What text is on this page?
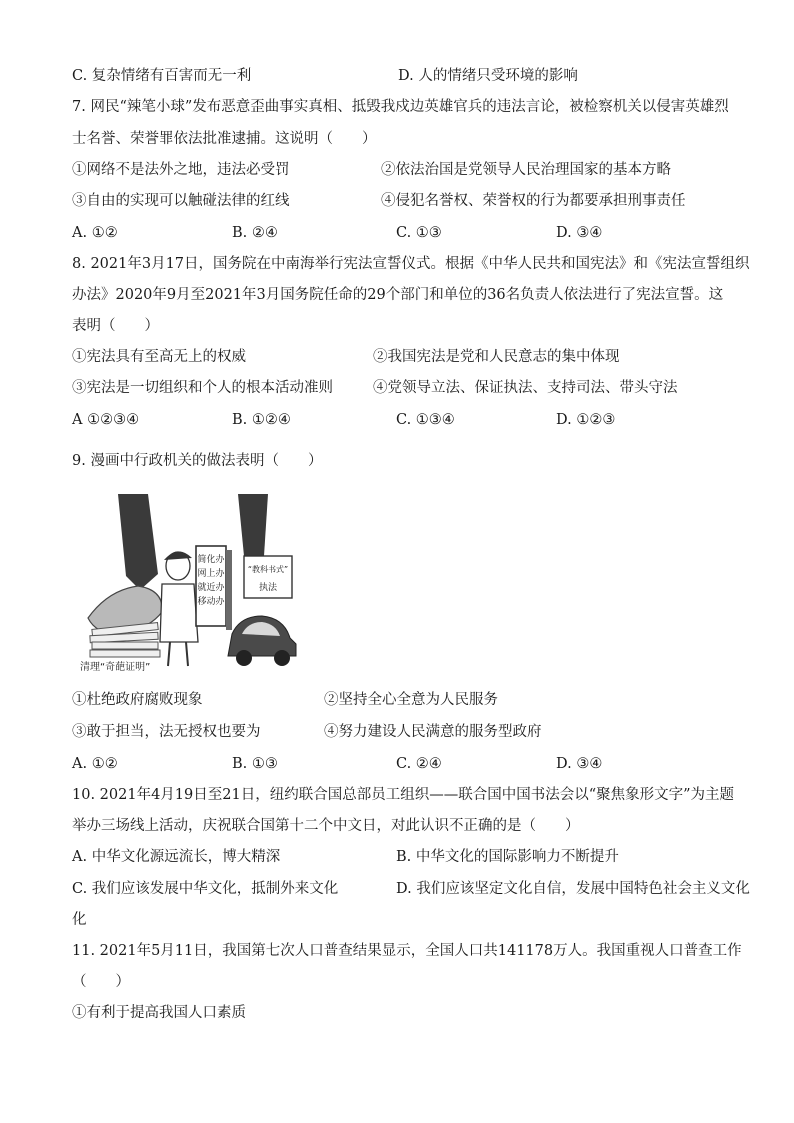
C. 复杂情绪有百害而无一利	D. 人的情绪只受环境的影响
7. 网民“辣笔小球”发布恶意歪曲事实真相、抵毁我戍边英雄官兵的违法言论，被检察机关以侵害英雄烈
士名誉、荣誉罪依法批准逮捕。这说明（　　）
①网络不是法外之地，违法必受罚	②依法治国是党领导人民治理国家的基本方略
③自由的实现可以触碰法律的红线	④侵犯名誉权、荣誉权的行为都要承担刑事责任
A. ①②	B. ②④	C. ①③	D. ③④
8. 2021年3月17日，国务院在中南海举行宪法宣誓仪式。根据《中华人民共和国宪法》和《宪法宣誓组织
办法》2020年9月至2021年3月国务院任命的29个部门和单位的36名负责人依法进行了宪法宣誓。这
表明（　　）
①宪法具有至高无上的权威	②我国宪法是党和人民意志的集中体现
③宪法是一切组织和个人的根本活动准则	④党领导立法、保证执法、支持司法、带头守法
A ①②③④	B. ①②④	C. ①③④	D. ①②③
9. 漫画中行政机关的做法表明（　　）
简化办
网上办
就近办
移动办
“教科书式”
执法
清理“奇葩证明”
①杜绝政府腐败现象	②坚持全心全意为人民服务
③敢于担当，法无授权也要为	④努力建设人民满意的服务型政府
A. ①②	B. ①③	C. ②④	D. ③④
10. 2021年4月19日至21日，纽约联合国总部员工组织——联合国中国书法会以“聚焦象形文字”为主题
举办三场线上活动，庆祝联合国第十二个中文日，对此认识不正确的是（　　）
A. 中华文化源远流长，博大精深	B. 中华文化的国际影响力不断提升
C. 我们应该发展中华文化，抵制外来文化	D. 我们应该坚定文化自信，发展中国特色社会主义文化
化
11. 2021年5月11日，我国第七次人口普查结果显示，全国人口共141178万人。我国重视人口普查工作
（　　）
①有利于提高我国人口素质
